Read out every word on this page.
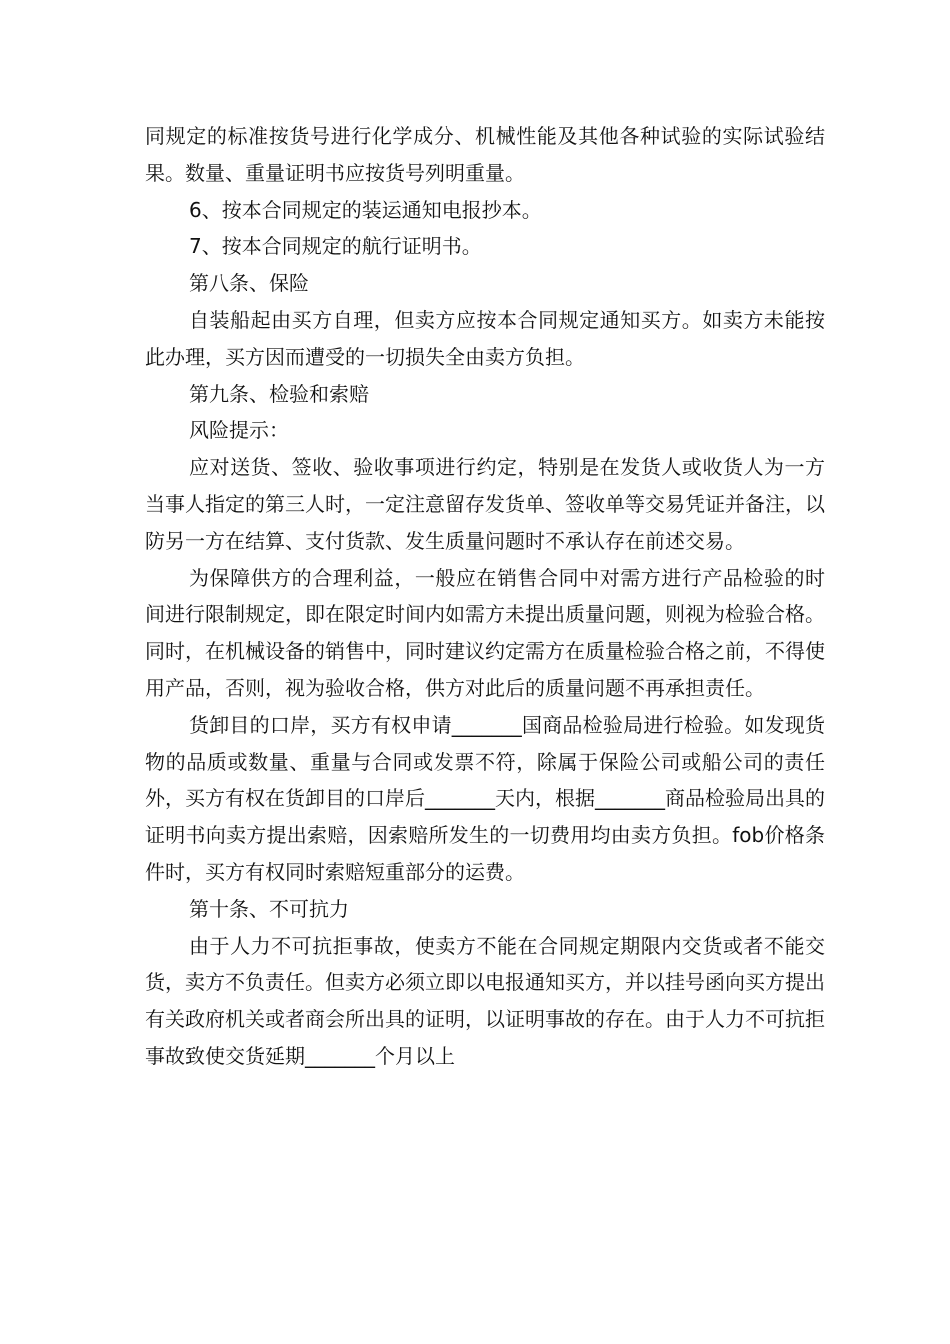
同规定的标准按货号进行化学成分、机械性能及其他各种试验的实际试验结果。数量、重量证明书应按货号列明重量。

6、按本合同规定的装运通知电报抄本。

7、按本合同规定的航行证明书。

第八条、保险

自装船起由买方自理，但卖方应按本合同规定通知买方。如卖方未能按此办理，买方因而遭受的一切损失全由卖方负担。

第九条、检验和索赔

风险提示：

应对送货、签收、验收事项进行约定，特别是在发货人或收货人为一方当事人指定的第三人时，一定注意留存发货单、签收单等交易凭证并备注，以防另一方在结算、支付货款、发生质量问题时不承认存在前述交易。

为保障供方的合理利益，一般应在销售合同中对需方进行产品检验的时间进行限制规定，即在限定时间内如需方未提出质量问题，则视为检验合格。同时，在机械设备的销售中，同时建议约定需方在质量检验合格之前，不得使用产品，否则，视为验收合格，供方对此后的质量问题不再承担责任。

货卸目的口岸，买方有权申请_______国商品检验局进行检验。如发现货物的品质或数量、重量与合同或发票不符，除属于保险公司或船公司的责任外，买方有权在货卸目的口岸后_______天内，根据_______商品检验局出具的证明书向卖方提出索赔，因索赔所发生的一切费用均由卖方负担。fob价格条件时，买方有权同时索赔短重部分的运费。

第十条、不可抗力

由于人力不可抗拒事故，使卖方不能在合同规定期限内交货或者不能交货，卖方不负责任。但卖方必须立即以电报通知买方，并以挂号函向买方提出有关政府机关或者商会所出具的证明，以证明事故的存在。由于人力不可抗拒事故致使交货延期_______个月以上
